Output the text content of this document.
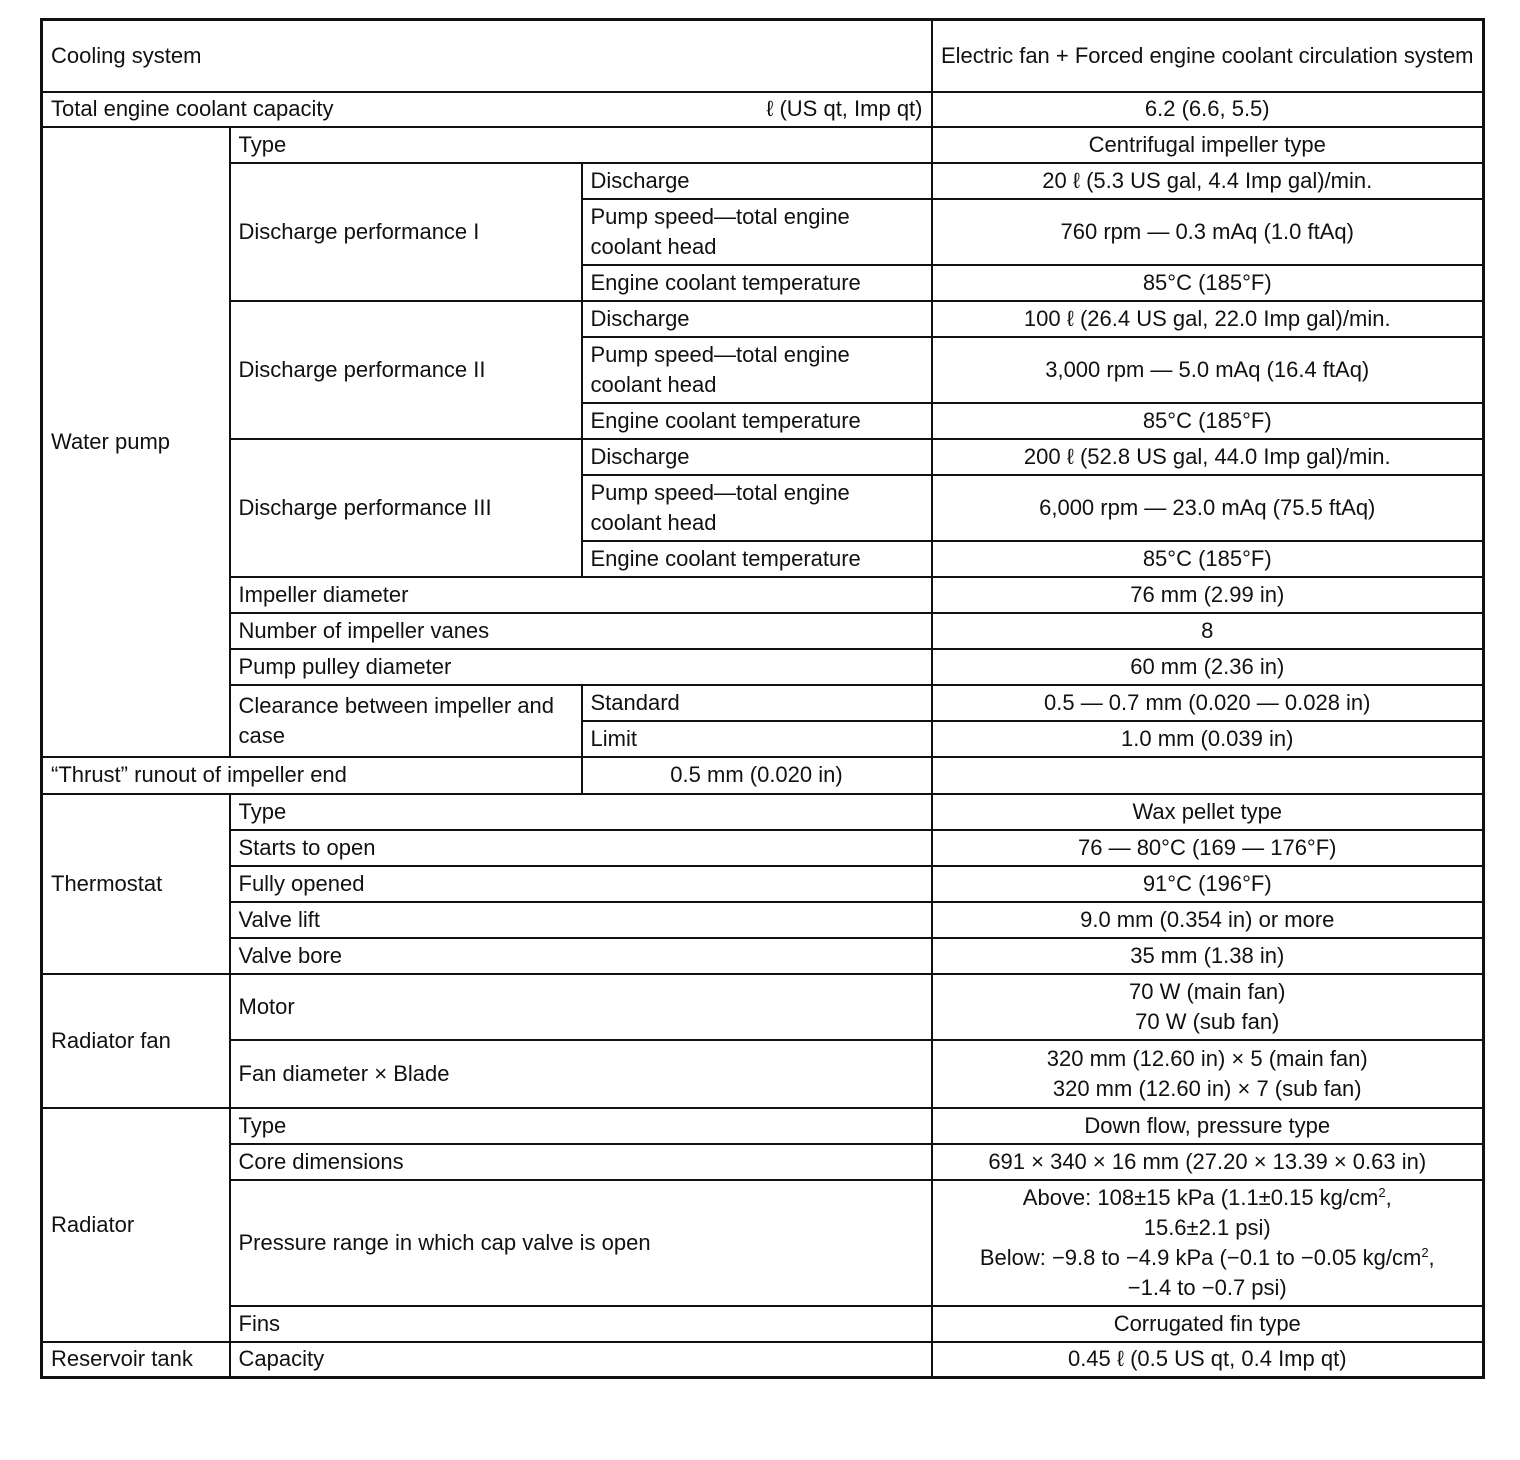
Cooling system			Electric fan + Forced engine coolant circulation system

Total engine coolant capacity ℓ (US qt, Imp qt)			6.2 (6.6, 5.5)
Water pump	Type		Centrifugal impeller type
	Discharge performance I	Discharge	20 ℓ (5.3 US gal, 4.4 Imp gal)/min.
		Pump speed—total engine coolant head	760 rpm — 0.3 mAq (1.0 ftAq)
		Engine coolant temperature	85°C (185°F)
	Discharge performance II	Discharge	100 ℓ (26.4 US gal, 22.0 Imp gal)/min.
		Pump speed—total engine coolant head	3,000 rpm — 5.0 mAq (16.4 ftAq)
		Engine coolant temperature	85°C (185°F)
	Discharge performance III	Discharge	200 ℓ (52.8 US gal, 44.0 Imp gal)/min.
		Pump speed—total engine coolant head	6,000 rpm — 23.0 mAq (75.5 ftAq)
		Engine coolant temperature	85°C (185°F)
	Impeller diameter		76 mm (2.99 in)
	Number of impeller vanes		8
	Pump pulley diameter		60 mm (2.36 in)
	Clearance between impeller and case	Standard	0.5 — 0.7 mm (0.020 — 0.028 in)
		Limit	1.0 mm (0.039 in)
“Thrust” runout of impeller end		0.5 mm (0.020 in)	
Thermostat	Type		Wax pellet type
	Starts to open		76 — 80°C (169 — 176°F)
	Fully opened		91°C (196°F)
	Valve lift		9.0 mm (0.354 in) or more
	Valve bore		35 mm (1.38 in)
Radiator fan	Motor		70 W (main fan)
70 W (sub fan)

	Fan diameter × Blade		320 mm (12.60 in) × 5 (main fan)
320 mm (12.60 in) × 7 (sub fan)

Radiator	Type		Down flow, pressure type
	Core dimensions		691 × 340 × 16 mm (27.20 × 13.39 × 0.63 in)
	Pressure range in which cap valve is open		Above: 108±15 kPa (1.1±0.15 $kg/cm^2$,
15.6±2.1 psi)
Below: −9.8 to −4.9 kPa (−0.1 to −0.05 $kg/cm^2$,
−1.4 to −0.7 psi)

	Fins		Corrugated fin type
Reservoir tank	Capacity		0.45 ℓ (0.5 US qt, 0.4 Imp qt)
